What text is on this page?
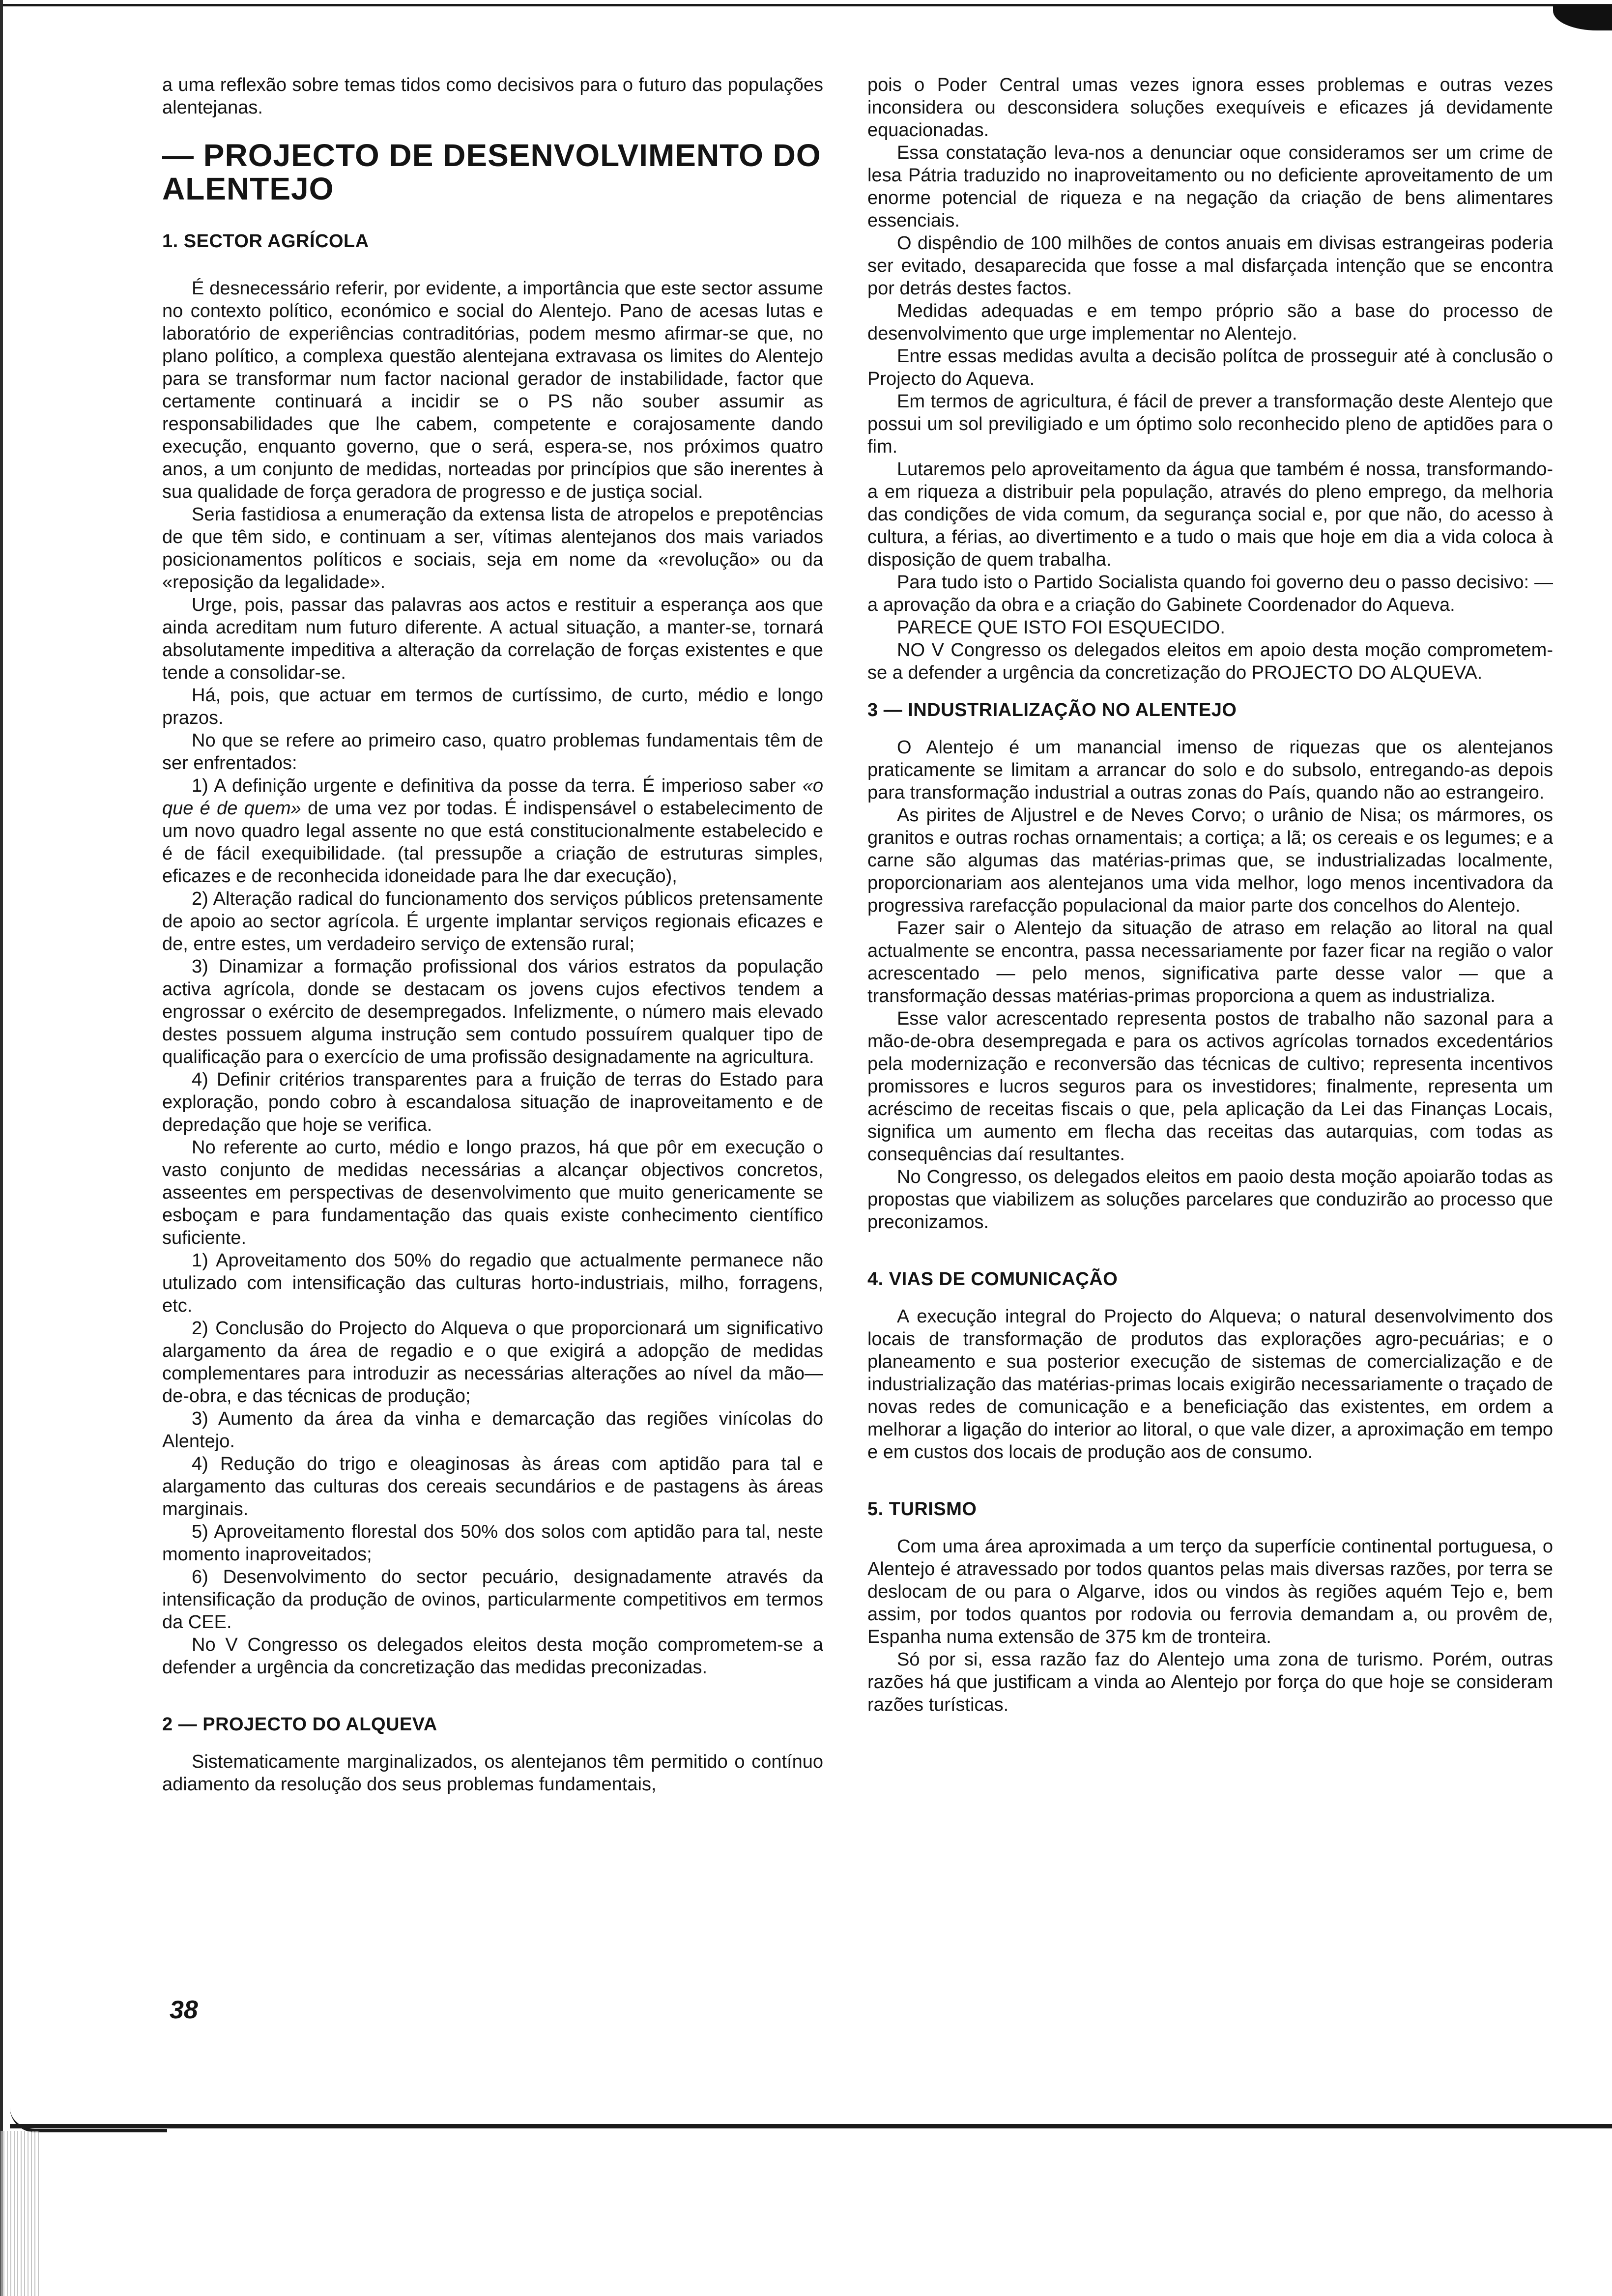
a uma reflexão sobre temas tidos como decisivos para o futuro das populações alentejanas.

— PROJECTO DE DESENVOLVIMENTO DO ALENTEJO

1. SECTOR AGRÍCOLA

É desnecessário referir, por evidente, a importância que este sector assume no contexto político, económico e social do Alentejo. Pano de acesas lutas e laboratório de experiências contraditórias, podem mesmo afirmar-se que, no plano político, a complexa questão alentejana extravasa os limites do Alentejo para se transformar num factor nacional gerador de instabilidade, factor que certamente continuará a incidir se o PS não souber assumir as responsabilidades que lhe cabem, competente e corajosamente dando execução, enquanto governo, que o será, espera-se, nos próximos quatro anos, a um conjunto de medidas, norteadas por princípios que são inerentes à sua qualidade de força geradora de progresso e de justiça social.

Seria fastidiosa a enumeração da extensa lista de atropelos e prepotências de que têm sido, e continuam a ser, vítimas alentejanos dos mais variados posicionamentos políticos e sociais, seja em nome da «revolução» ou da «reposição da legalidade».

Urge, pois, passar das palavras aos actos e restituir a esperança aos que ainda acreditam num futuro diferente. A actual situação, a manter-se, tornará absolutamente impeditiva a alteração da correlação de forças existentes e que tende a consolidar-se.

Há, pois, que actuar em termos de curtíssimo, de curto, médio e longo prazos.

No que se refere ao primeiro caso, quatro problemas fundamentais têm de ser enfrentados:

1) A definição urgente e definitiva da posse da terra. É imperioso saber «o que é de quem» de uma vez por todas. É indispensável o estabelecimento de um novo quadro legal assente no que está constitucionalmente estabelecido e é de fácil exequibilidade. (tal pressupõe a criação de estruturas simples, eficazes e de reconhecida idoneidade para lhe dar execução),

2) Alteração radical do funcionamento dos serviços públicos pretensamente de apoio ao sector agrícola. É urgente implantar serviços regionais eficazes e de, entre estes, um verdadeiro serviço de extensão rural;

3) Dinamizar a formação profissional dos vários estratos da população activa agrícola, donde se destacam os jovens cujos efectivos tendem a engrossar o exército de desempregados. Infelizmente, o número mais elevado destes possuem alguma instrução sem contudo possuírem qualquer tipo de qualificação para o exercício de uma profissão designadamente na agricultura.

4) Definir critérios transparentes para a fruição de terras do Estado para exploração, pondo cobro à escandalosa situação de inaproveitamento e de depredação que hoje se verifica.

No referente ao curto, médio e longo prazos, há que pôr em execução o vasto conjunto de medidas necessárias a alcançar objectivos concretos, asseentes em perspectivas de desenvolvimento que muito genericamente se esboçam e para fundamentação das quais existe conhecimento científico suficiente.

1) Aproveitamento dos 50% do regadio que actualmente permanece não utulizado com intensificação das culturas horto-industriais, milho, forragens, etc.

2) Conclusão do Projecto do Alqueva o que proporcionará um significativo alargamento da área de regadio e o que exigirá a adopção de medidas complementares para introduzir as necessárias alterações ao nível da mão—de-obra, e das técnicas de produção;

3) Aumento da área da vinha e demarcação das regiões vinícolas do Alentejo.

4) Redução do trigo e oleaginosas às áreas com aptidão para tal e alargamento das culturas dos cereais secundários e de pastagens às áreas marginais.

5) Aproveitamento florestal dos 50% dos solos com aptidão para tal, neste momento inaproveitados;

6) Desenvolvimento do sector pecuário, designadamente através da intensificação da produção de ovinos, particularmente competitivos em termos da CEE.

No V Congresso os delegados eleitos desta moção comprometem-se a defender a urgência da concretização das medidas preconizadas.

2 — PROJECTO DO ALQUEVA

Sistematicamente marginalizados, os alentejanos têm permitido o contínuo adiamento da resolução dos seus problemas fundamentais,

38

pois o Poder Central umas vezes ignora esses problemas e outras vezes inconsidera ou desconsidera soluções exequíveis e eficazes já devidamente equacionadas.

Essa constatação leva-nos a denunciar oque consideramos ser um crime de lesa Pátria traduzido no inaproveitamento ou no deficiente aproveitamento de um enorme potencial de riqueza e na negação da criação de bens alimentares essenciais.

O dispêndio de 100 milhões de contos anuais em divisas estrangeiras poderia ser evitado, desaparecida que fosse a mal disfarçada intenção que se encontra por detrás destes factos.

Medidas adequadas e em tempo próprio são a base do processo de desenvolvimento que urge implementar no Alentejo.

Entre essas medidas avulta a decisão polítca de prosseguir até à conclusão o Projecto do Aqueva.

Em termos de agricultura, é fácil de prever a transformação deste Alentejo que possui um sol previligiado e um óptimo solo reconhecido pleno de aptidões para o fim.

Lutaremos pelo aproveitamento da água que também é nossa, transformando-a em riqueza a distribuir pela população, através do pleno emprego, da melhoria das condições de vida comum, da segurança social e, por que não, do acesso à cultura, a férias, ao divertimento e a tudo o mais que hoje em dia a vida coloca à disposição de quem trabalha.

Para tudo isto o Partido Socialista quando foi governo deu o passo decisivo: — a aprovação da obra e a criação do Gabinete Coordenador do Aqueva.

PARECE QUE ISTO FOI ESQUECIDO.

NO V Congresso os delegados eleitos em apoio desta moção comprometem-se a defender a urgência da concretização do PROJECTO DO ALQUEVA.

3 — INDUSTRIALIZAÇÃO NO ALENTEJO

O Alentejo é um manancial imenso de riquezas que os alentejanos praticamente se limitam a arrancar do solo e do subsolo, entregando-as depois para transformação industrial a outras zonas do País, quando não ao estrangeiro.

As pirites de Aljustrel e de Neves Corvo; o urânio de Nisa; os mármores, os granitos e outras rochas ornamentais; a cortiça; a lã; os cereais e os legumes; e a carne são algumas das matérias-primas que, se industrializadas localmente, proporcionariam aos alentejanos uma vida melhor, logo menos incentivadora da progressiva rarefacção populacional da maior parte dos concelhos do Alentejo.

Fazer sair o Alentejo da situação de atraso em relação ao litoral na qual actualmente se encontra, passa necessariamente por fazer ficar na região o valor acrescentado — pelo menos, significativa parte desse valor — que a transformação dessas matérias-primas proporciona a quem as industrializa.

Esse valor acrescentado representa postos de trabalho não sazonal para a mão-de-obra desempregada e para os activos agrícolas tornados excedentários pela modernização e reconversão das técnicas de cultivo; representa incentivos promissores e lucros seguros para os investidores; finalmente, representa um acréscimo de receitas fiscais o que, pela aplicação da Lei das Finanças Locais, significa um aumento em flecha das receitas das autarquias, com todas as consequências daí resultantes.

No Congresso, os delegados eleitos em paoio desta moção apoiarão todas as propostas que viabilizem as soluções parcelares que conduzirão ao processo que preconizamos.

4. VIAS DE COMUNICAÇÃO

A execução integral do Projecto do Alqueva; o natural desenvolvimento dos locais de transformação de produtos das explorações agro-pecuárias; e o planeamento e sua posterior execução de sistemas de comercialização e de industrialização das matérias-primas locais exigirão necessariamente o traçado de novas redes de comunicação e a beneficiação das existentes, em ordem a melhorar a ligação do interior ao litoral, o que vale dizer, a aproximação em tempo e em custos dos locais de produção aos de consumo.

5. TURISMO

Com uma área aproximada a um terço da superfície continental portuguesa, o Alentejo é atravessado por todos quantos pelas mais diversas razões, por terra se deslocam de ou para o Algarve, idos ou vindos às regiões aquém Tejo e, bem assim, por todos quantos por rodovia ou ferrovia demandam a, ou provêm de, Espanha numa extensão de 375 km de tronteira.

Só por si, essa razão faz do Alentejo uma zona de turismo. Porém, outras razões há que justificam a vinda ao Alentejo por força do que hoje se consideram razões turísticas.
